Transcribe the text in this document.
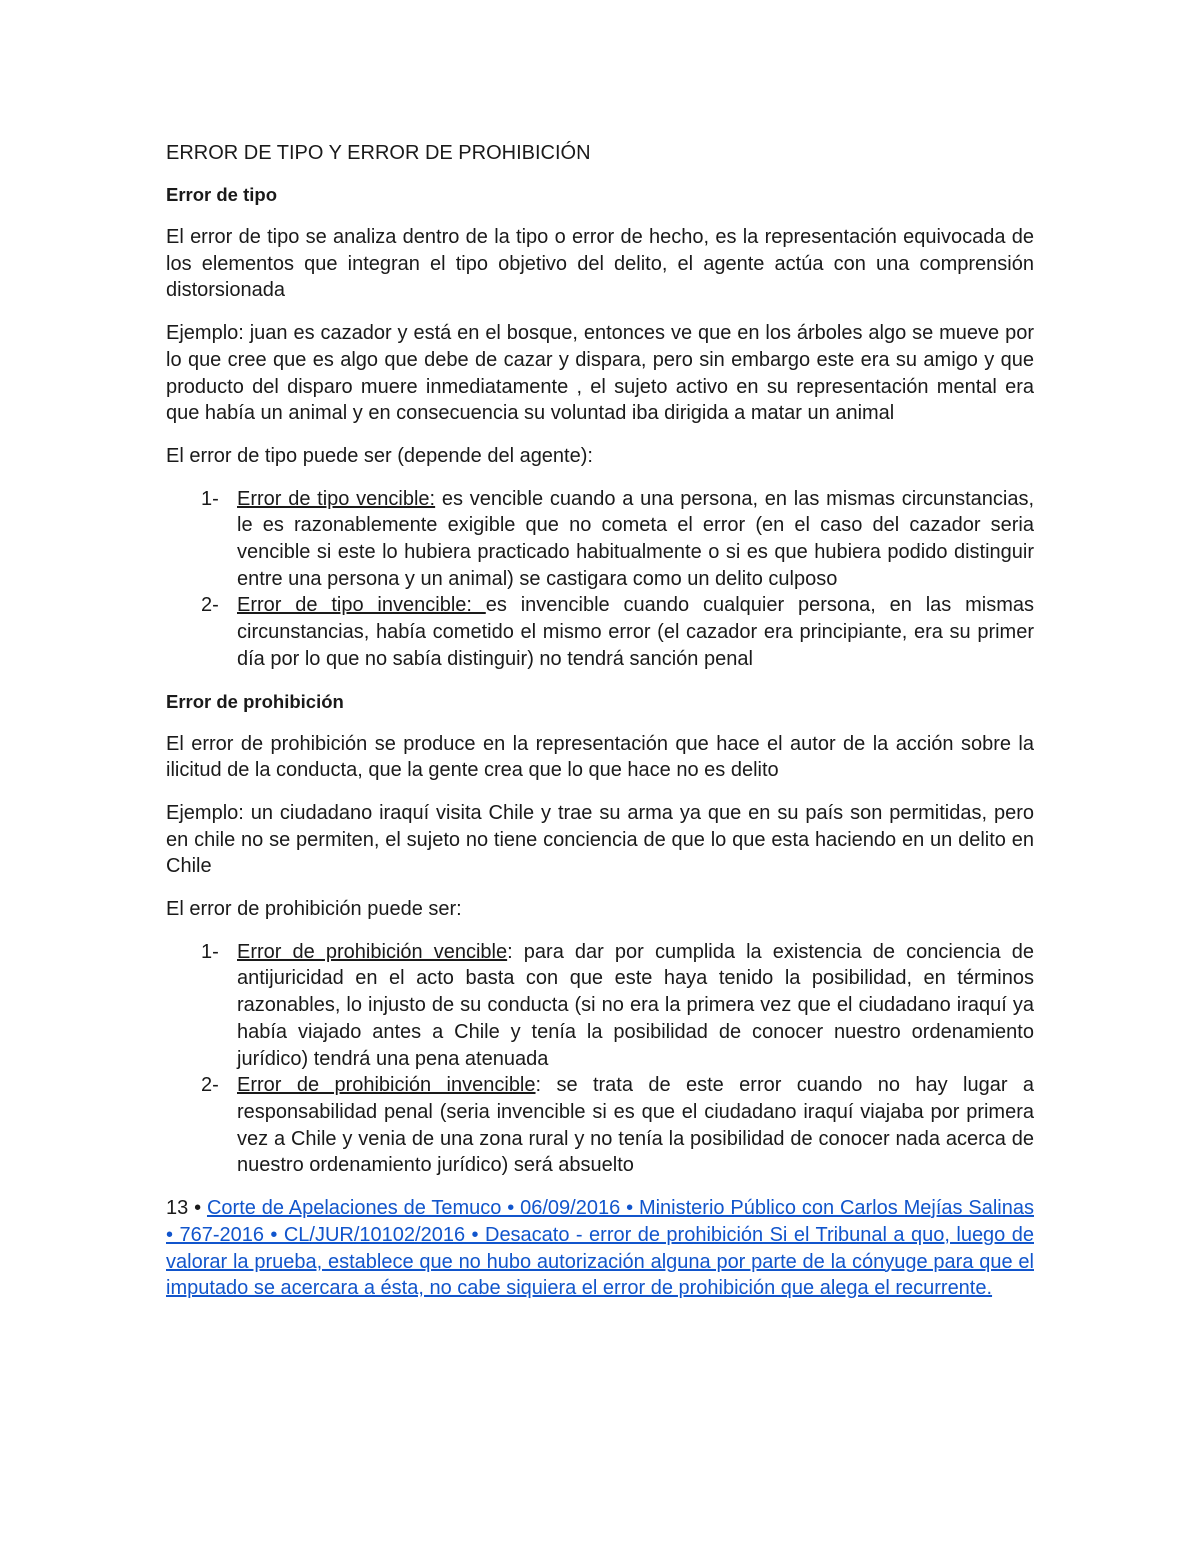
ERROR DE TIPO Y ERROR DE PROHIBICIÓN
Error de tipo

El error de tipo se analiza dentro de la tipo o error de hecho, es la representación equivocada de los elementos que integran el tipo objetivo del delito, el agente actúa con una comprensión distorsionada

Ejemplo: juan es cazador y está en el bosque, entonces ve que en los árboles algo se mueve por lo que cree que es algo que debe de cazar y dispara, pero sin embargo este era su amigo y que producto del disparo muere inmediatamente , el sujeto activo en su representación mental era que había un animal y en consecuencia su voluntad iba dirigida a matar un animal

El error de tipo puede ser (depende del agente):

1- Error de tipo vencible: es vencible cuando a una persona, en las mismas circunstancias, le es razonablemente exigible que no cometa el error (en el caso del cazador seria vencible si este lo hubiera practicado habitualmente o si es que hubiera podido distinguir entre una persona y un animal) se castigara como un delito culposo
2- Error de tipo invencible: es invencible cuando cualquier persona, en las mismas circunstancias, había cometido el mismo error (el cazador era principiante, era su primer día por lo que no sabía distinguir) no tendrá sanción penal
Error de prohibición

El error de prohibición se produce en la representación que hace el autor de la acción sobre la ilicitud de la conducta, que la gente crea que lo que hace no es delito

Ejemplo: un ciudadano iraquí visita Chile y trae su arma ya que en su país son permitidas, pero en chile no se permiten, el sujeto no tiene conciencia de que lo que esta haciendo en un delito en Chile

El error de prohibición puede ser:

1- Error de prohibición vencible: para dar por cumplida la existencia de conciencia de antijuricidad en el acto basta con que este haya tenido la posibilidad, en términos razonables, lo injusto de su conducta (si no era la primera vez que el ciudadano iraquí ya había viajado antes a Chile y tenía la posibilidad de conocer nuestro ordenamiento jurídico) tendrá una pena atenuada
2- Error de prohibición invencible: se trata de este error cuando no hay lugar a responsabilidad penal (seria invencible si es que el ciudadano iraquí viajaba por primera vez a Chile y venia de una zona rural y no tenía la posibilidad de conocer nada acerca de nuestro ordenamiento jurídico) será absuelto

13 • Corte de Apelaciones de Temuco • 06/09/2016 • Ministerio Público con Carlos Mejías Salinas • 767-2016 • CL/JUR/10102/2016 • Desacato - error de prohibición Si el Tribunal a quo, luego de valorar la prueba, establece que no hubo autorización alguna por parte de la cónyuge para que el imputado se acercara a ésta, no cabe siquiera el error de prohibición que alega el recurrente.
